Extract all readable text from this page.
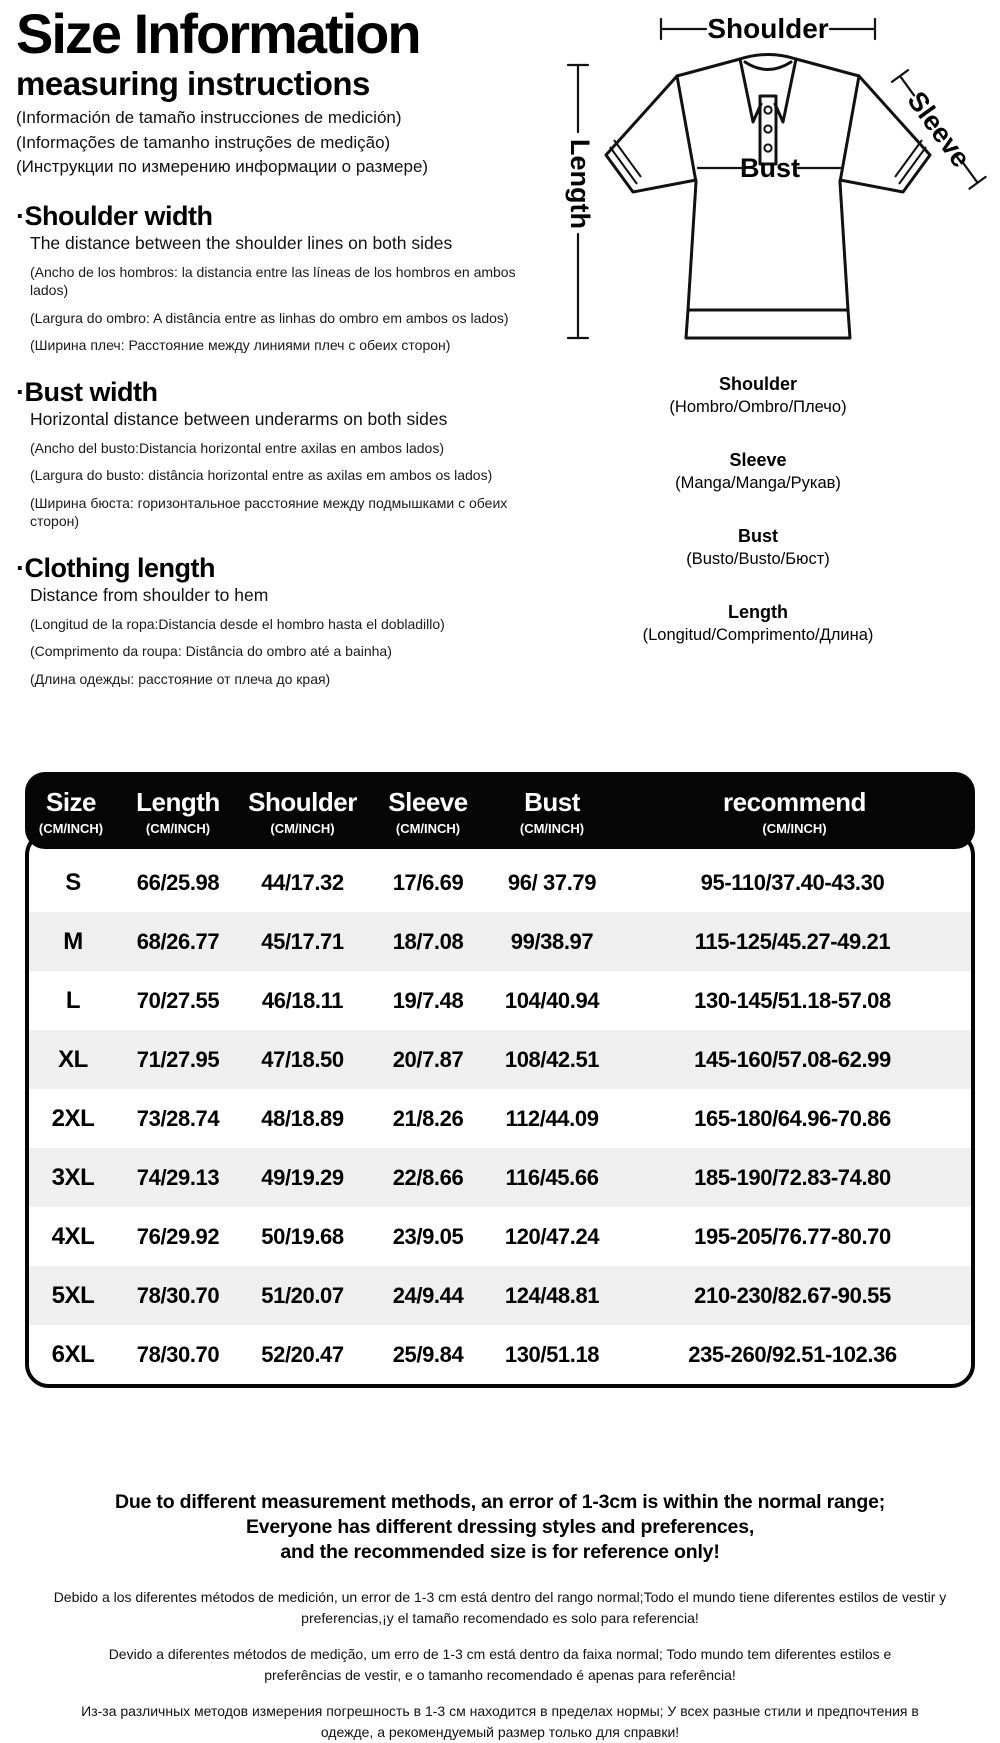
Size Information
measuring instructions
(Información de tamaño instrucciones de medición)
(Informações de tamanho instruções de medição)
(Инструкции по измерению информации о размере)
·Shoulder width
The distance between the shoulder lines on both sides

(Ancho de los hombros: la distancia entre las líneas de los hombros en ambos lados)

(Largura do ombro: A distância entre as linhas do ombro em ambos os lados)

(Ширина плеч: Расстояние между линиями плеч с обеих сторон)

·Bust width
Horizontal distance between underarms on both sides

(Ancho del busto:Distancia horizontal entre axilas en ambos lados)

(Largura do busto: distância horizontal entre as axilas em ambos os lados)

(Ширина бюста: горизонтальное расстояние между подмышками с обеих сторон)

·Clothing length
Distance from shoulder to hem

(Longitud de la ropa:Distancia desde el hombro hasta el dobladillo)

(Comprimento da roupa: Distância do ombro até a bainha)

(Длина одежды: расстояние от плеча до края)

Shoulder
Bust
Length
Sleeve
Shoulder
(Hombro/Ombro/Плечо)
Sleeve
(Manga/Manga/Рукав)
Bust
(Busto/Busto/Бюст)
Length
(Longitud/Comprimento/Длина)
Size
(CM/INCH)
Length
(CM/INCH)
Shoulder
(CM/INCH)
Sleeve
(CM/INCH)
Bust
(CM/INCH)
recommend
(CM/INCH)
S	66/25.98	44/17.32	17/6.69	96/ 37.79	95-110/37.40-43.30
M	68/26.77	45/17.71	18/7.08	99/38.97	115-125/45.27-49.21
L	70/27.55	46/18.11	19/7.48	104/40.94	130-145/51.18-57.08
XL	71/27.95	47/18.50	20/7.87	108/42.51	145-160/57.08-62.99
2XL	73/28.74	48/18.89	21/8.26	112/44.09	165-180/64.96-70.86
3XL	74/29.13	49/19.29	22/8.66	116/45.66	185-190/72.83-74.80
4XL	76/29.92	50/19.68	23/9.05	120/47.24	195-205/76.77-80.70
5XL	78/30.70	51/20.07	24/9.44	124/48.81	210-230/82.67-90.55
6XL	78/30.70	52/20.47	25/9.84	130/51.18	235-260/92.51-102.36
Due to different measurement methods, an error of 1-3cm is within the normal range;
Everyone has different dressing styles and preferences,
and the recommended size is for reference only!

Debido a los diferentes métodos de medición, un error de 1-3 cm está dentro del rango normal;Todo el mundo tiene diferentes estilos de vestir y preferencias,¡y el tamaño recomendado es solo para referencia!

Devido a diferentes métodos de medição, um erro de 1-3 cm está dentro da faixa normal; Todo mundo tem diferentes estilos e preferências de vestir, e o tamanho recomendado é apenas para referência!

Из-за различных методов измерения погрешность в 1-3 см находится в пределах нормы; У всех разные стили и предпочтения в одежде, а рекомендуемый размер только для справки!
